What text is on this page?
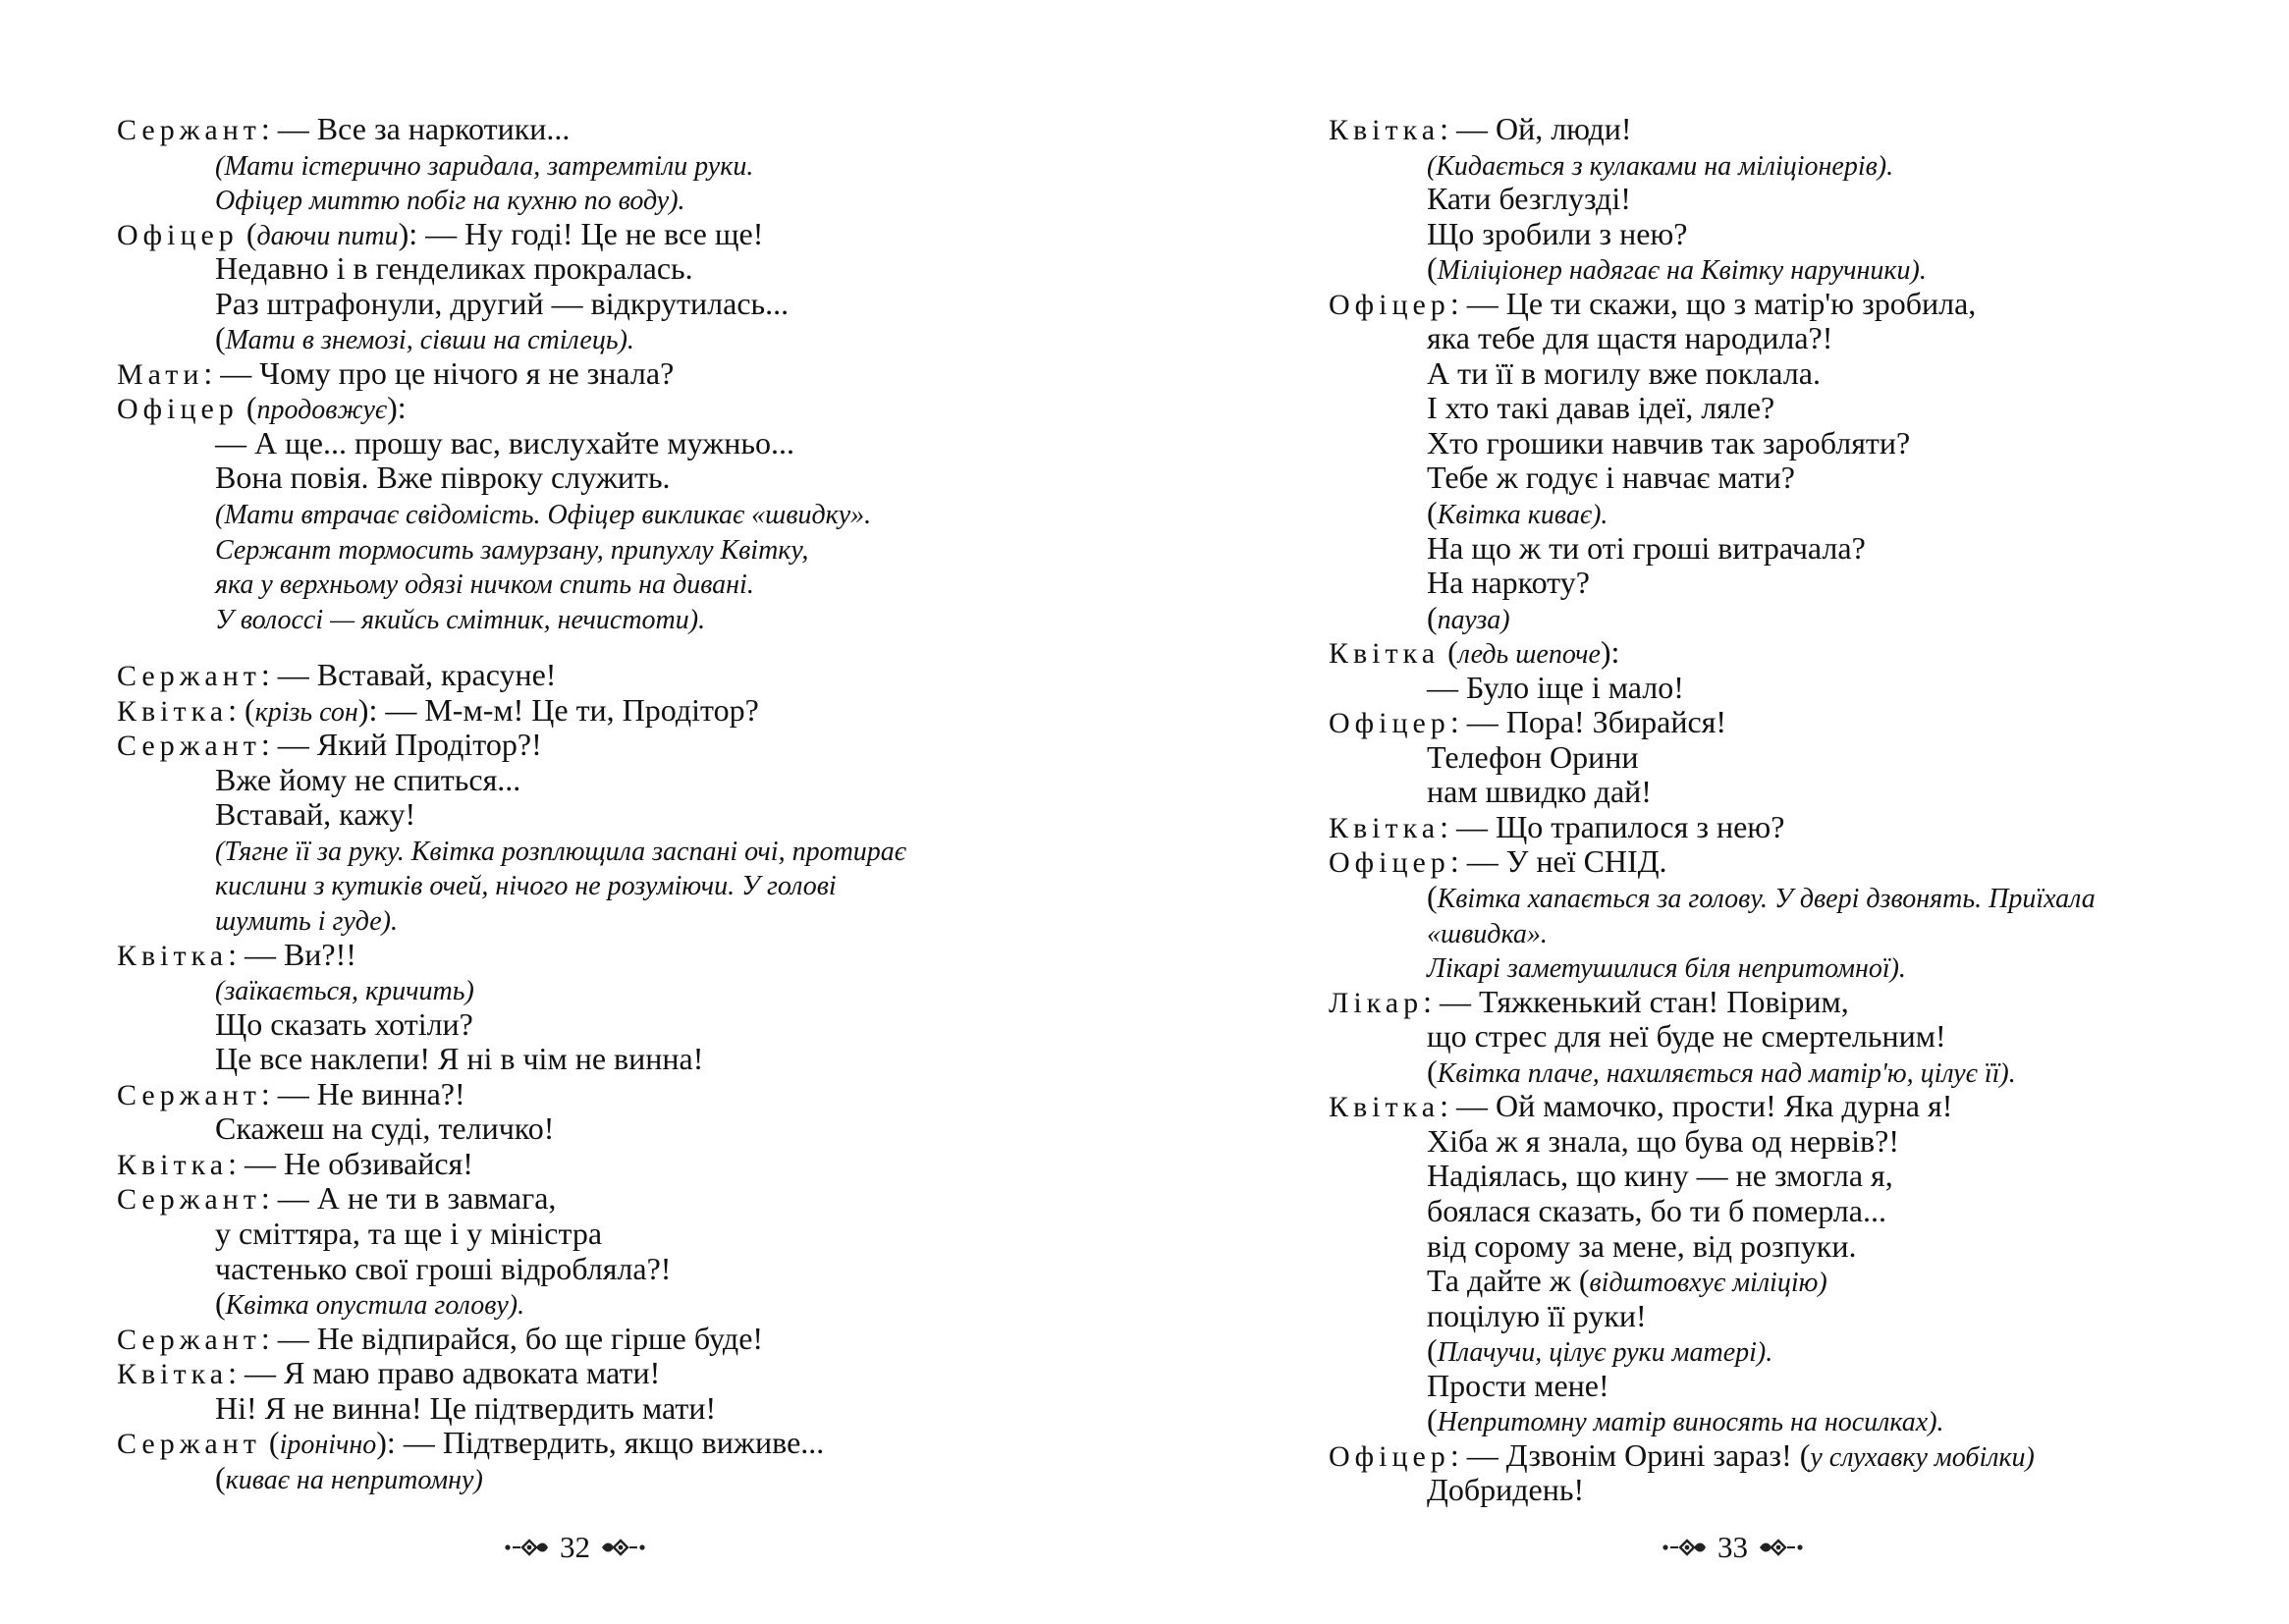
Сержант: — Все за наркотики...
(Мати істерично заридала, затремтіли руки.
Офіцер миттю побіг на кухню по воду).
Офіцер (даючи пити): — Ну годі! Це не все ще!
Недавно і в генделиках прокралась.
Раз штрафонули, другий — відкрутилась...
(Мати в знемозі, сівши на стілець).
Мати: — Чому про це нічого я не знала?
Офіцер (продовжує):
— А ще... прошу вас, вислухайте мужньо...
Вона повія. Вже півроку служить.
(Мати втрачає свідомість. Офіцер викликає «швидку».
Сержант тормосить замурзану, припухлу Квітку,
яка у верхньому одязі ничком спить на дивані.
У волоссі — якийсь смітник, нечистоти).
Сержант: — Вставай, красуне!
Квітка: (крізь сон): — М-м-м! Це ти, Продітор?
Сержант: — Який Продітор?!
Вже йому не спиться...
Вставай, кажу!
(Тягне її за руку. Квітка розплющила заспані очі, протирає
кислини з кутиків очей, нічого не розуміючи. У голові
шумить і гуде).
Квітка: — Ви?!!
(заїкається, кричить)
Що сказать хотіли?
Це все наклепи! Я ні в чім не винна!
Сержант: — Не винна?!
Скажеш на суді, теличко!
Квітка: — Не обзивайся!
Сержант: — А не ти в завмага,
у сміттяра, та ще і у міністра
частенько свої гроші відробляла?!
(Квітка опустила голову).
Сержант: — Не відпирайся, бо ще гірше буде!
Квітка: — Я маю право адвоката мати!
Ні! Я не винна! Це підтвердить мати!
Сержант (іронічно): — Підтвердить, якщо виживе...
(киває на непритомну)
32
Квітка: — Ой, люди!
(Кидається з кулаками на міліціонерів).
Кати безглузді!
Що зробили з нею?
(Міліціонер надягає на Квітку наручники).
Офіцер: — Це ти скажи, що з матір'ю зробила,
яка тебе для щастя народила?!
А ти її в могилу вже поклала.
І хто такі давав ідеї, ляле?
Хто грошики навчив так заробляти?
Тебе ж годує і навчає мати?
(Квітка киває).
На що ж ти оті гроші витрачала?
На наркоту?
(пауза)
Квітка (ледь шепоче):
— Було іще і мало!
Офіцер: — Пора! Збирайся!
Телефон Орини
нам швидко дай!
Квітка: — Що трапилося з нею?
Офіцер: — У неї СНІД.
(Квітка хапається за голову. У двері дзвонять. Приїхала
«швидка».
Лікарі заметушилися біля непритомної).
Лікар: — Тяжкенький стан! Повірим,
що стрес для неї буде не смертельним!
(Квітка плаче, нахиляється над матір'ю, цілує її).
Квітка: — Ой мамочко, прости! Яка дурна я!
Хіба ж я знала, що бува од нервів?!
Надіялась, що кину — не змогла я,
боялася сказать, бо ти б померла...
від сорому за мене, від розпуки.
Та дайте ж (відштовхує міліцію)
поцілую її руки!
(Плачучи, цілує руки матері).
Прости мене!
(Непритомну матір виносять на носилках).
Офіцер: — Дзвонім Орині зараз! (у слухавку мобілки)
Добридень!
33
